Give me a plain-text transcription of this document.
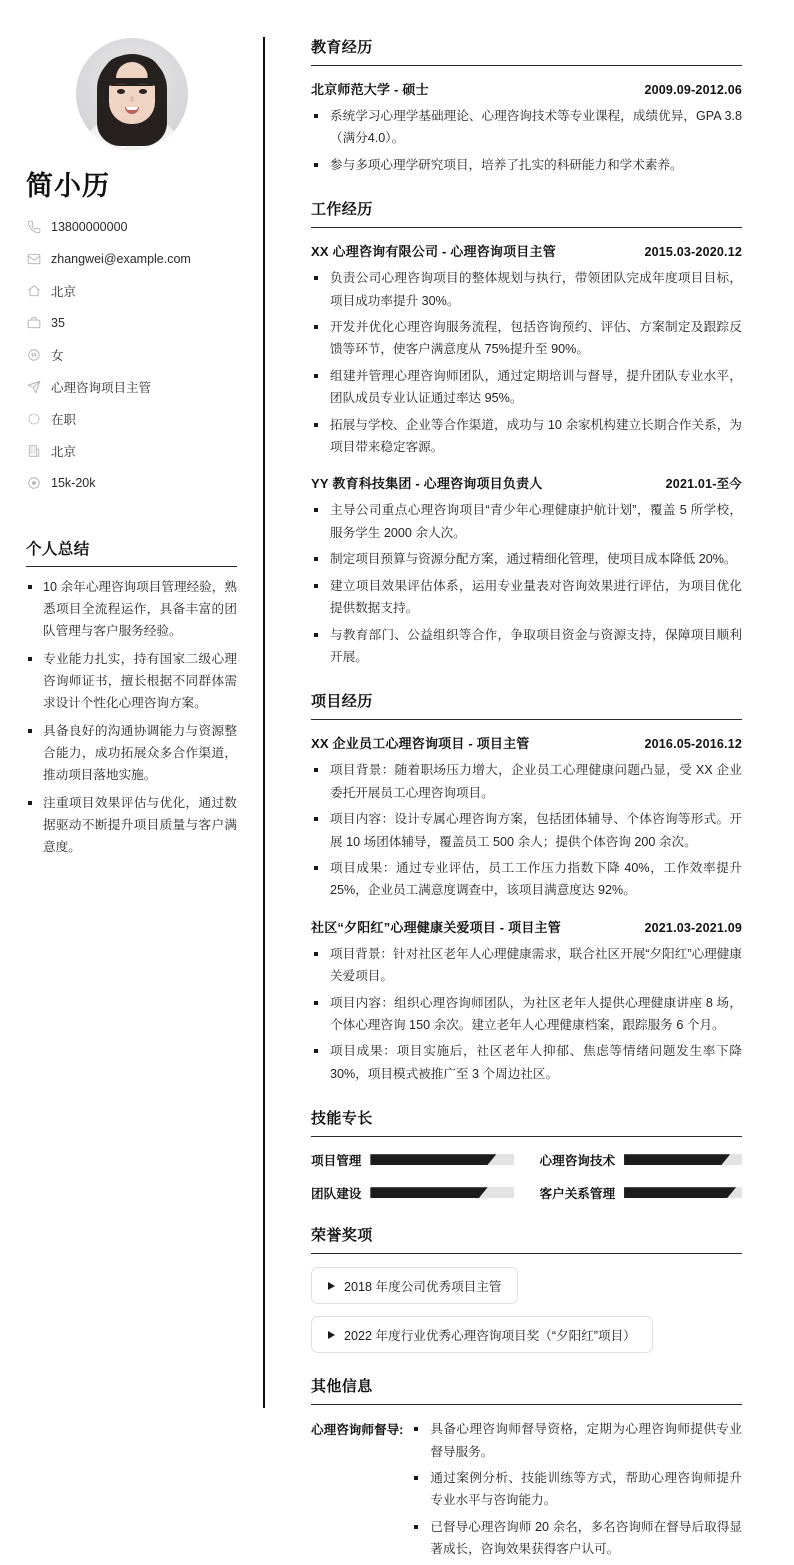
简小历
13800000000
zhangwei@example.com
北京
35
女
心理咨询项目主管
在职
北京
15k-20k
个人总结
10 余年心理咨询项目管理经验，熟悉项目全流程运作，具备丰富的团队管理与客户服务经验。
专业能力扎实，持有国家二级心理咨询师证书，擅长根据不同群体需求设计个性化心理咨询方案。
具备良好的沟通协调能力与资源整合能力，成功拓展众多合作渠道，推动项目落地实施。
注重项目效果评估与优化，通过数据驱动不断提升项目质量与客户满意度。
教育经历
北京师范大学 - 硕士	2009.09-2012.06
系统学习心理学基础理论、心理咨询技术等专业课程，成绩优异，GPA 3.8（满分4.0）。
参与多项心理学研究项目，培养了扎实的科研能力和学术素养。
工作经历
XX 心理咨询有限公司 - 心理咨询项目主管	2015.03-2020.12
负责公司心理咨询项目的整体规划与执行，带领团队完成年度项目目标，项目成功率提升 30%。
开发并优化心理咨询服务流程，包括咨询预约、评估、方案制定及跟踪反馈等环节，使客户满意度从 75%提升至 90%。
组建并管理心理咨询师团队，通过定期培训与督导，提升团队专业水平，团队成员专业认证通过率达 95%。
拓展与学校、企业等合作渠道，成功与 10 余家机构建立长期合作关系，为项目带来稳定客源。
YY 教育科技集团 - 心理咨询项目负责人	2021.01-至今
主导公司重点心理咨询项目“青少年心理健康护航计划”，覆盖 5 所学校，服务学生 2000 余人次。
制定项目预算与资源分配方案，通过精细化管理，使项目成本降低 20%。
建立项目效果评估体系，运用专业量表对咨询效果进行评估，为项目优化提供数据支持。
与教育部门、公益组织等合作，争取项目资金与资源支持，保障项目顺利开展。
项目经历
XX 企业员工心理咨询项目 - 项目主管	2016.05-2016.12
项目背景：随着职场压力增大，企业员工心理健康问题凸显，受 XX 企业委托开展员工心理咨询项目。
项目内容：设计专属心理咨询方案，包括团体辅导、个体咨询等形式。开展 10 场团体辅导，覆盖员工 500 余人；提供个体咨询 200 余次。
项目成果：通过专业评估，员工工作压力指数下降 40%，工作效率提升 25%，企业员工满意度调查中，该项目满意度达 92%。
社区“夕阳红”心理健康关爱项目 - 项目主管	2021.03-2021.09
项目背景：针对社区老年人心理健康需求，联合社区开展“夕阳红”心理健康关爱项目。
项目内容：组织心理咨询师团队，为社区老年人提供心理健康讲座 8 场，个体心理咨询 150 余次。建立老年人心理健康档案，跟踪服务 6 个月。
项目成果：项目实施后，社区老年人抑郁、焦虑等情绪问题发生率下降 30%，项目模式被推广至 3 个周边社区。
技能专长
项目管理	心理咨询技术
团队建设	客户关系管理
荣誉奖项
2018 年度公司优秀项目主管
2022 年度行业优秀心理咨询项目奖（“夕阳红”项目）
其他信息
心理咨询师督导:	具备心理咨询师督导资格，定期为心理咨询师提供专业督导服务。
通过案例分析、技能训练等方式，帮助心理咨询师提升专业水平与咨询能力。
已督导心理咨询师 20 余名，多名咨询师在督导后取得显著成长，咨询效果获得客户认可。
